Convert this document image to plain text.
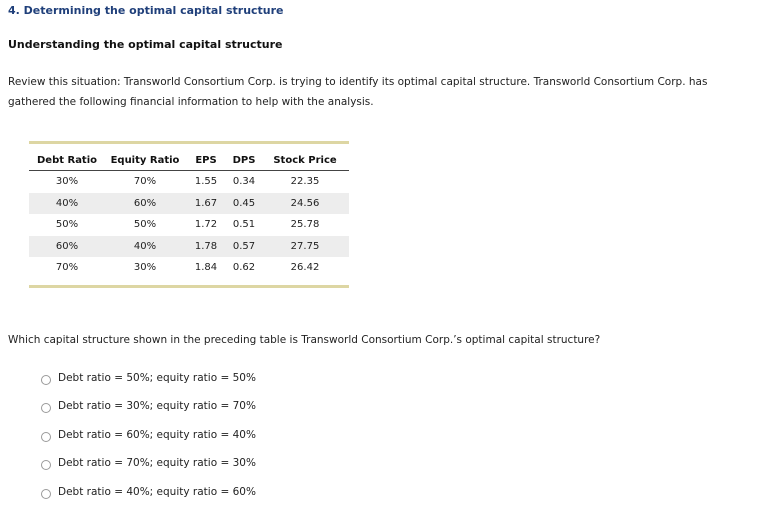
4. Determining the optimal capital structure
Understanding the optimal capital structure
Review this situation: Transworld Consortium Corp. is trying to identify its optimal capital structure. Transworld Consortium Corp. has gathered the following financial information to help with the analysis.
Debt Ratio	Equity Ratio	EPS	DPS	Stock Price
30%	70%	1.55	0.34	22.35
40%	60%	1.67	0.45	24.56
50%	50%	1.72	0.51	25.78
60%	40%	1.78	0.57	27.75
70%	30%	1.84	0.62	26.42
Which capital structure shown in the preceding table is Transworld Consortium Corp.’s optimal capital structure?
Debt ratio = 50%; equity ratio = 50%
Debt ratio = 30%; equity ratio = 70%
Debt ratio = 60%; equity ratio = 40%
Debt ratio = 70%; equity ratio = 30%
Debt ratio = 40%; equity ratio = 60%
